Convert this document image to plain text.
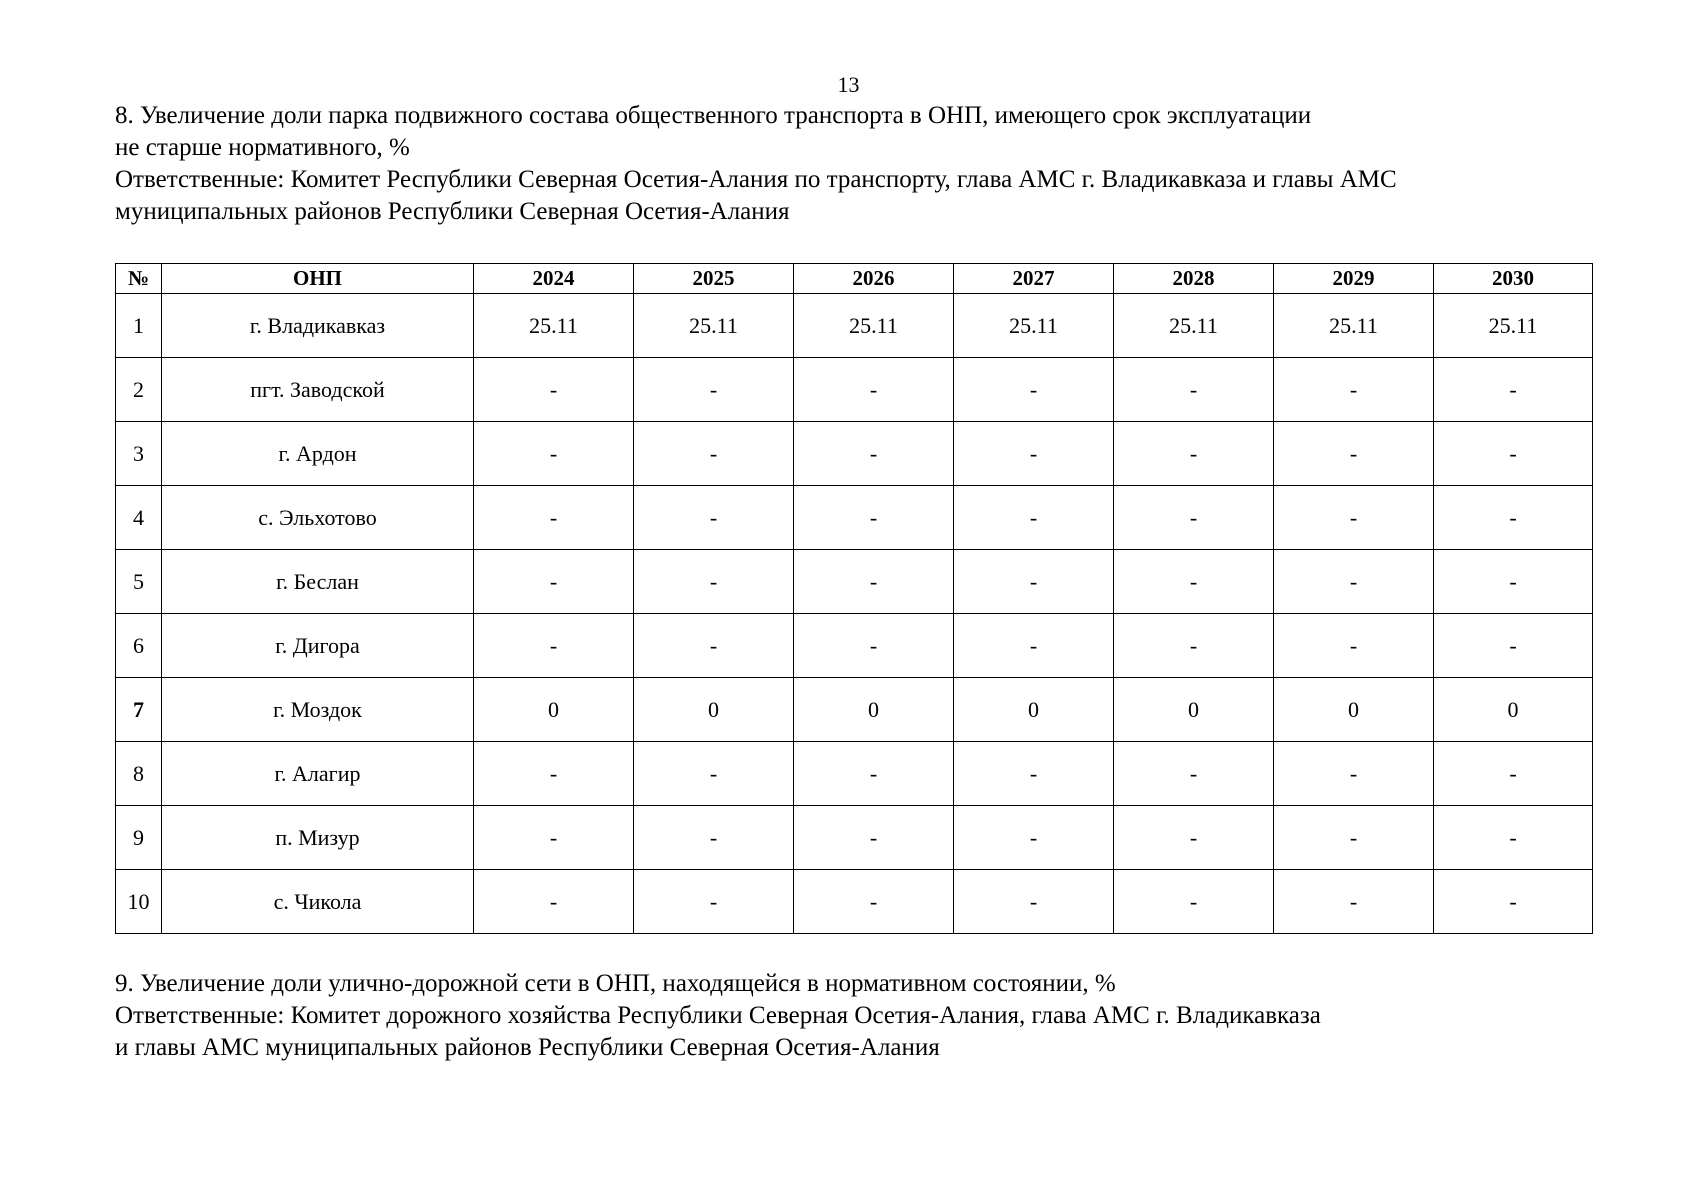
13

8. Увеличение доли парка подвижного состава общественного транспорта в ОНП, имеющего срок эксплуатации

не старше нормативного, %

Ответственные: Комитет Республики Северная Осетия-Алания по транспорту, глава АМС г. Владикавказа и главы АМС

муниципальных районов Республики Северная Осетия-Алания

№	ОНП	2024	2025	2026	2027	2028	2029	2030
1	г. Владикавказ	25.11	25.11	25.11	25.11	25.11	25.11	25.11
2	пгт. Заводской	-	-	-	-	-	-	-
3	г. Ардон	-	-	-	-	-	-	-
4	с. Эльхотово	-	-	-	-	-	-	-
5	г. Беслан	-	-	-	-	-	-	-
6	г. Дигора	-	-	-	-	-	-	-
7	г. Моздок	0	0	0	0	0	0	0
8	г. Алагир	-	-	-	-	-	-	-
9	п. Мизур	-	-	-	-	-	-	-
10	с. Чикола	-	-	-	-	-	-	-

9. Увеличение доли улично-дорожной сети в ОНП, находящейся в нормативном состоянии, %

Ответственные: Комитет дорожного хозяйства Республики Северная Осетия-Алания, глава АМС г. Владикавказа

и главы АМС муниципальных районов Республики Северная Осетия-Алания
